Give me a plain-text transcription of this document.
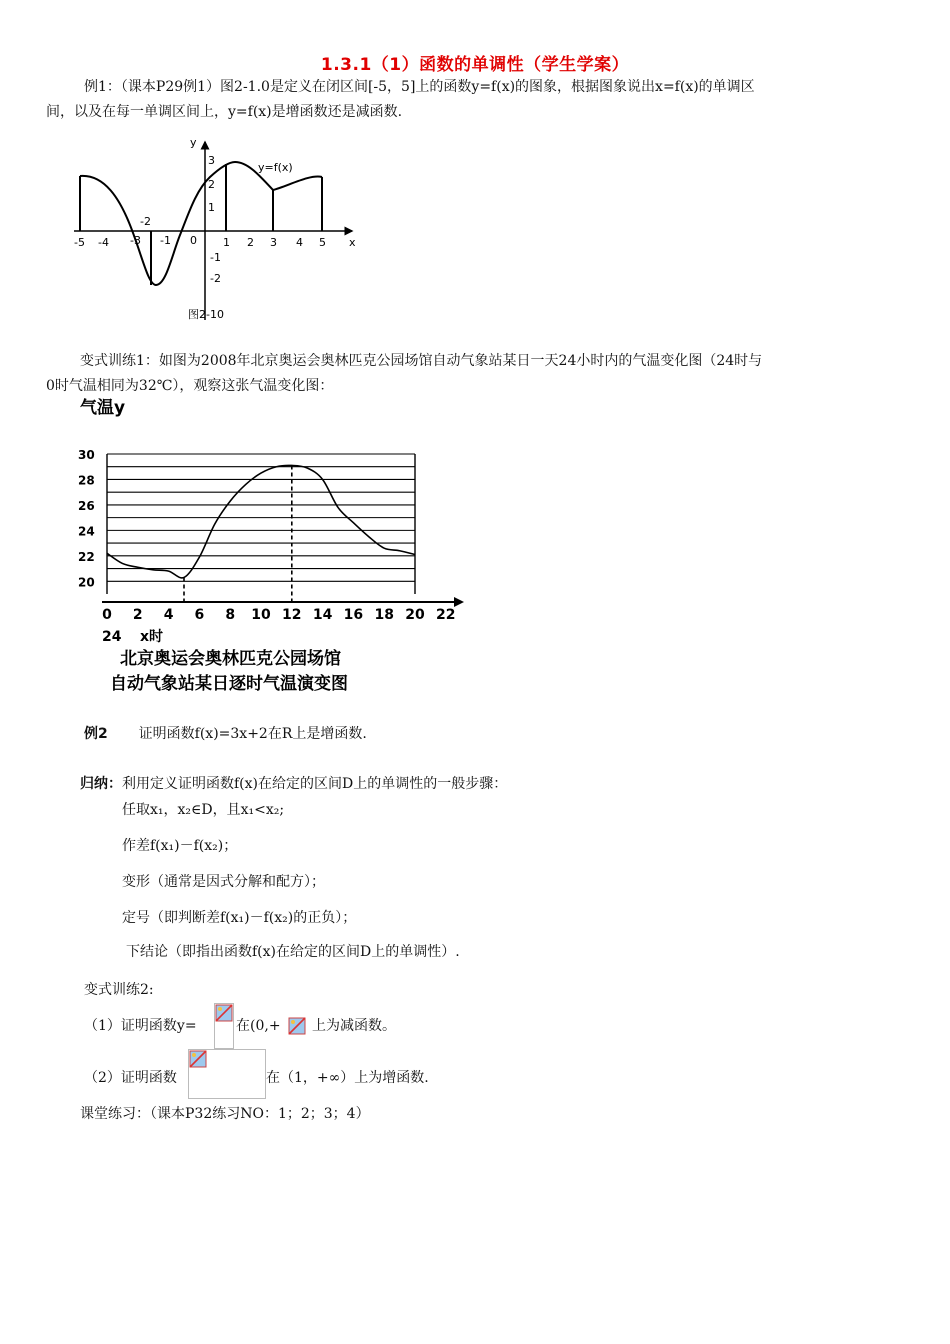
1.3.1（1）函数的单调性（学生学案）
例1：（课本P29例1）图2-1.0是定义在闭区间[-5，5]上的函数y=f(x)的图象，根据图象说出x=f(x)的单调区
间，以及在每一单调区间上，y=f(x)是增函数还是减函数.
y
x
y=f(x)
-5 -4 -3 -1 0 1 2 3 4 5
-2
3
2
1
-1
-2
图2-10
变式训练1：如图为2008年北京奥运会奥林匹克公园场馆自动气象站某日一天24小时内的气温变化图（24时与
0时气温相同为32℃），观察这张气温变化图：
气温y
30
28
26
24
22
20
0 2 4 6 8 10 12 14 16 18 20 22
24 x时
北京奥运会奥林匹克公园场馆
自动气象站某日逐时气温演变图
例2 证明函数f(x)=3x+2在R上是增函数.
归纳：利用定义证明函数f(x)在给定的区间D上的单调性的一般步骤：
任取x₁，x₂∈D，且x₁<x₂;
作差f(x₁)－f(x₂)；
变形（通常是因式分解和配方）；
定号（即判断差f(x₁)－f(x₂)的正负）；
下结论（即指出函数f(x)在给定的区间D上的单调性）.
变式训练2:
（1）证明函数y=	在(0,+ 上为减函数。
（2）证明函数	在（1，+∞）上为增函数.
课堂练习：（课本P32练习NO：1；2；3；4）
